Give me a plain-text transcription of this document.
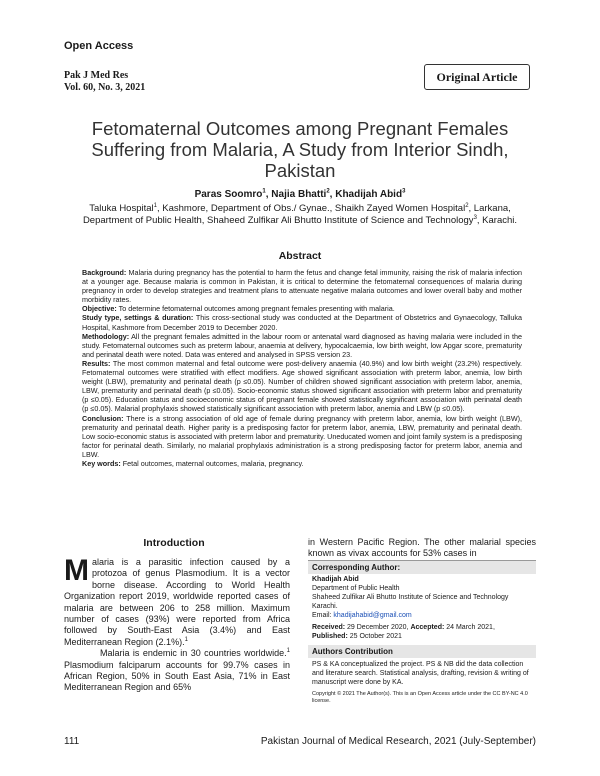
Open Access
Pak J Med Res
Vol. 60, No. 3, 2021
Original Article
Fetomaternal Outcomes among Pregnant Females Suffering from Malaria, A Study from Interior Sindh, Pakistan
Paras Soomro$^1$, Najia Bhatti$^2$, Khadijah Abid$^3$
Taluka Hospital$^1$, Kashmore, Department of Obs./ Gynae., Shaikh Zayed Women Hospital$^2$, Larkana, Department of Public Health, Shaheed Zulfikar Ali Bhutto Institute of Science and Technology$^3$, Karachi.
Abstract

Background: Malaria during pregnancy has the potential to harm the fetus and change fetal immunity, raising the risk of malaria infection at a younger age. Because malaria is common in Pakistan, it is critical to determine the fetomaternal consequences of malaria during pregnancy in order to develop strategies and treatment plans to attenuate negative malaria outcomes and lower overall baby and mother morbidity rates.

Objective: To determine fetomaternal outcomes among pregnant females presenting with malaria.

Study type, settings & duration: This cross-sectional study was conducted at the Department of Obstetrics and Gynaecology, Talluka Hospital, Kashmore from December 2019 to December 2020.

Methodology: All the pregnant females admitted in the labour room or antenatal ward diagnosed as having malaria were included in the study. Fetomaternal outcomes such as preterm labour, anaemia at delivery, hypocalcaemia, low birth weight, low Apgar score, prematurity and perinatal death were noted. Data was entered and analysed in SPSS version 23.

Results: The most common maternal and fetal outcome were post-delivery anaemia (40.9%) and low birth weight (23.2%) respectively. Fetomaternal outcomes were stratified with effect modifiers. Age showed significant association with preterm labor, anemia, low birth weight (LBW), prematurity and perinatal death (p ≤0.05). Number of children showed significant association with preterm labor, anemia, LBW, prematurity and perinatal death (p ≤0.05). Socio-economic status showed significant association with preterm labor and prematurity (p ≤0.05). Education status and socioeconomic status of pregnant female showed statistically significant association with perinatal death (p ≤0.05). Malarial prophylaxis showed statistically significant association with preterm labor, anemia and LBW (p ≤0.05).

Conclusion: There is a strong association of old age of female during pregnancy with preterm labor, anemia, low birth weight (LBW), prematurity and perinatal death. Higher parity is a predisposing factor for preterm labor, anemia, LBW, prematurity and perinatal death. Low socio-economic status is associated with preterm labor and prematurity. Uneducated women and joint family system is a predisposing factor for perinatal death. Similarly, no malarial prophylaxis administration is a strong predisposing factor for preterm labor, anemia and LBW.

Key words: Fetal outcomes, maternal outcomes, malaria, pregnancy.

Introduction

Malaria is a parasitic infection caused by a protozoa of genus Plasmodium. It is a vector borne disease. According to World Health Organization report 2019, worldwide reported cases of malaria are between 206 to 258 million. Maximum number of cases (93%) were reported from Africa followed by South-East Asia (3.4%) and East Mediterranean Region (2.1%).$^1$

Malaria is endemic in 30 countries worldwide.$^1$ Plasmodium falciparum accounts for 99.7% cases in African Region, 50% in South East Asia, 71% in East Mediterranean Region and 65%

in Western Pacific Region. The other malarial species known as vivax accounts for 53% cases in
Corresponding Author:
Khadijah Abid
Department of Public Health
Shaheed Zulfikar Ali Bhutto Institute of Science and Technology
Karachi.
Email: khadijahabid@gmail.com
Received: 29 December 2020, Accepted: 24 March 2021,
Published: 25 October 2021
Authors Contribution
PS & KA conceptualized the project. PS & NB did the data collection and literature search. Statistical analysis, drafting, revision & writing of manuscript were done by KA.
Copyright © 2021 The Author(s). This is an Open Access article under the CC BY-NC 4.0 license.
111	Pakistan Journal of Medical Research, 2021 (July-September)
